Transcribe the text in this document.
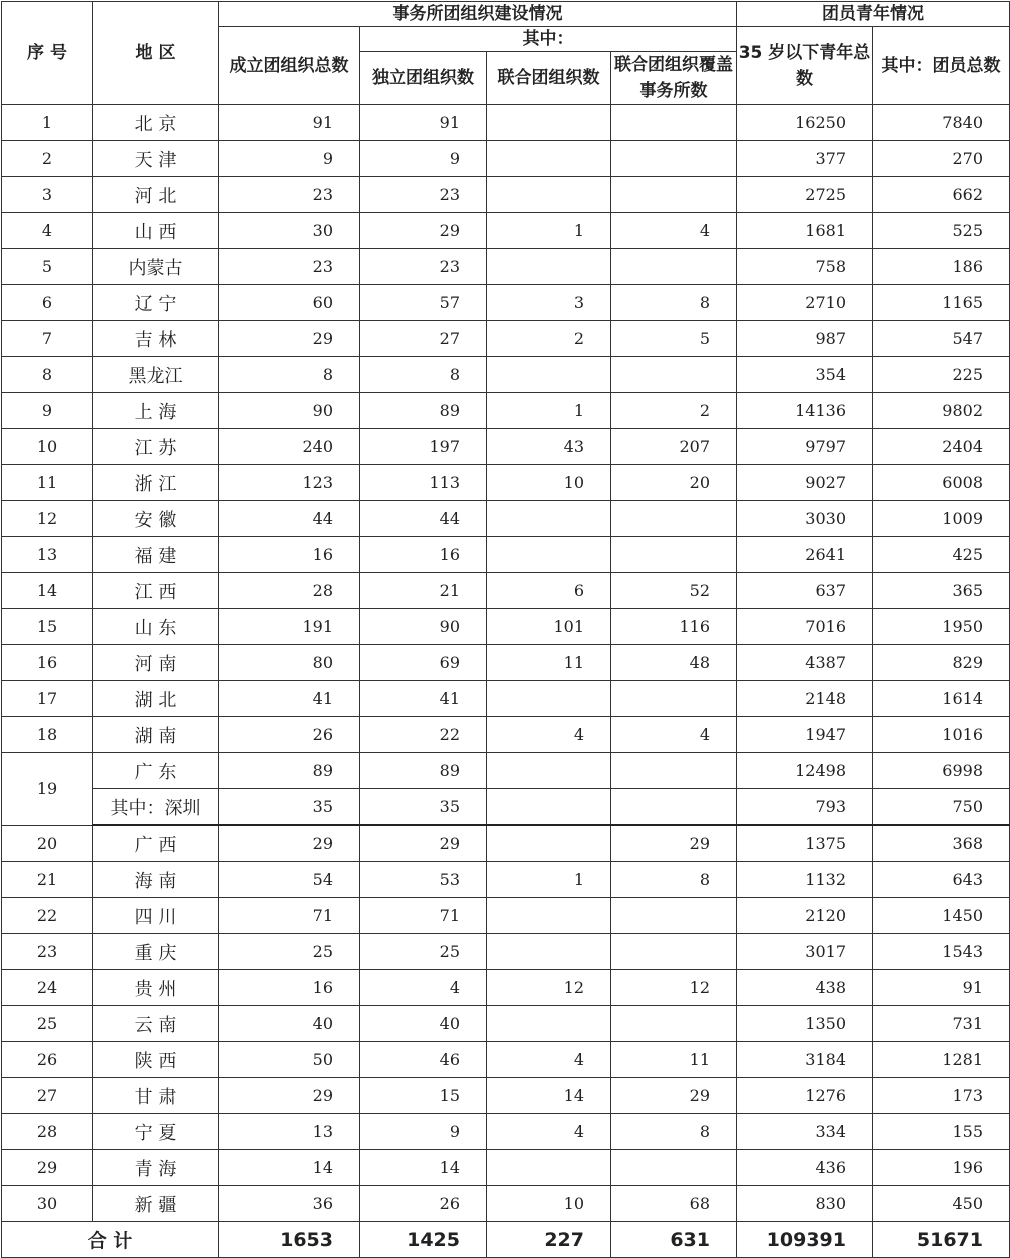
序 号	地 区	事务所团组织建设情况				团员青年情况	
		成立团组织总数	其中：			35 岁以下青年总数	其中：团员总数
			独立团组织数	联合团组织数	联合团组织覆盖事务所数		
1	北 京	91	91			16250	7840
2	天 津	9	9			377	270
3	河 北	23	23			2725	662
4	山 西	30	29	1	4	1681	525
5	内蒙古	23	23			758	186
6	辽 宁	60	57	3	8	2710	1165
7	吉 林	29	27	2	5	987	547
8	黑龙江	8	8			354	225
9	上 海	90	89	1	2	14136	9802
10	江 苏	240	197	43	207	9797	2404
11	浙 江	123	113	10	20	9027	6008
12	安 徽	44	44			3030	1009
13	福 建	16	16			2641	425
14	江 西	28	21	6	52	637	365
15	山 东	191	90	101	116	7016	1950
16	河 南	80	69	11	48	4387	829
17	湖 北	41	41			2148	1614
18	湖 南	26	22	4	4	1947	1016
19	广 东	89	89			12498	6998
	其中：深圳	35	35			793	750
20	广 西	29	29		29	1375	368
21	海 南	54	53	1	8	1132	643
22	四 川	71	71			2120	1450
23	重 庆	25	25			3017	1543
24	贵 州	16	4	12	12	438	91
25	云 南	40	40			1350	731
26	陕 西	50	46	4	11	3184	1281
27	甘 肃	29	15	14	29	1276	173
28	宁 夏	13	9	4	8	334	155
29	青 海	14	14			436	196
30	新 疆	36	26	10	68	830	450
合 计		1653	1425	227	631	109391	51671
